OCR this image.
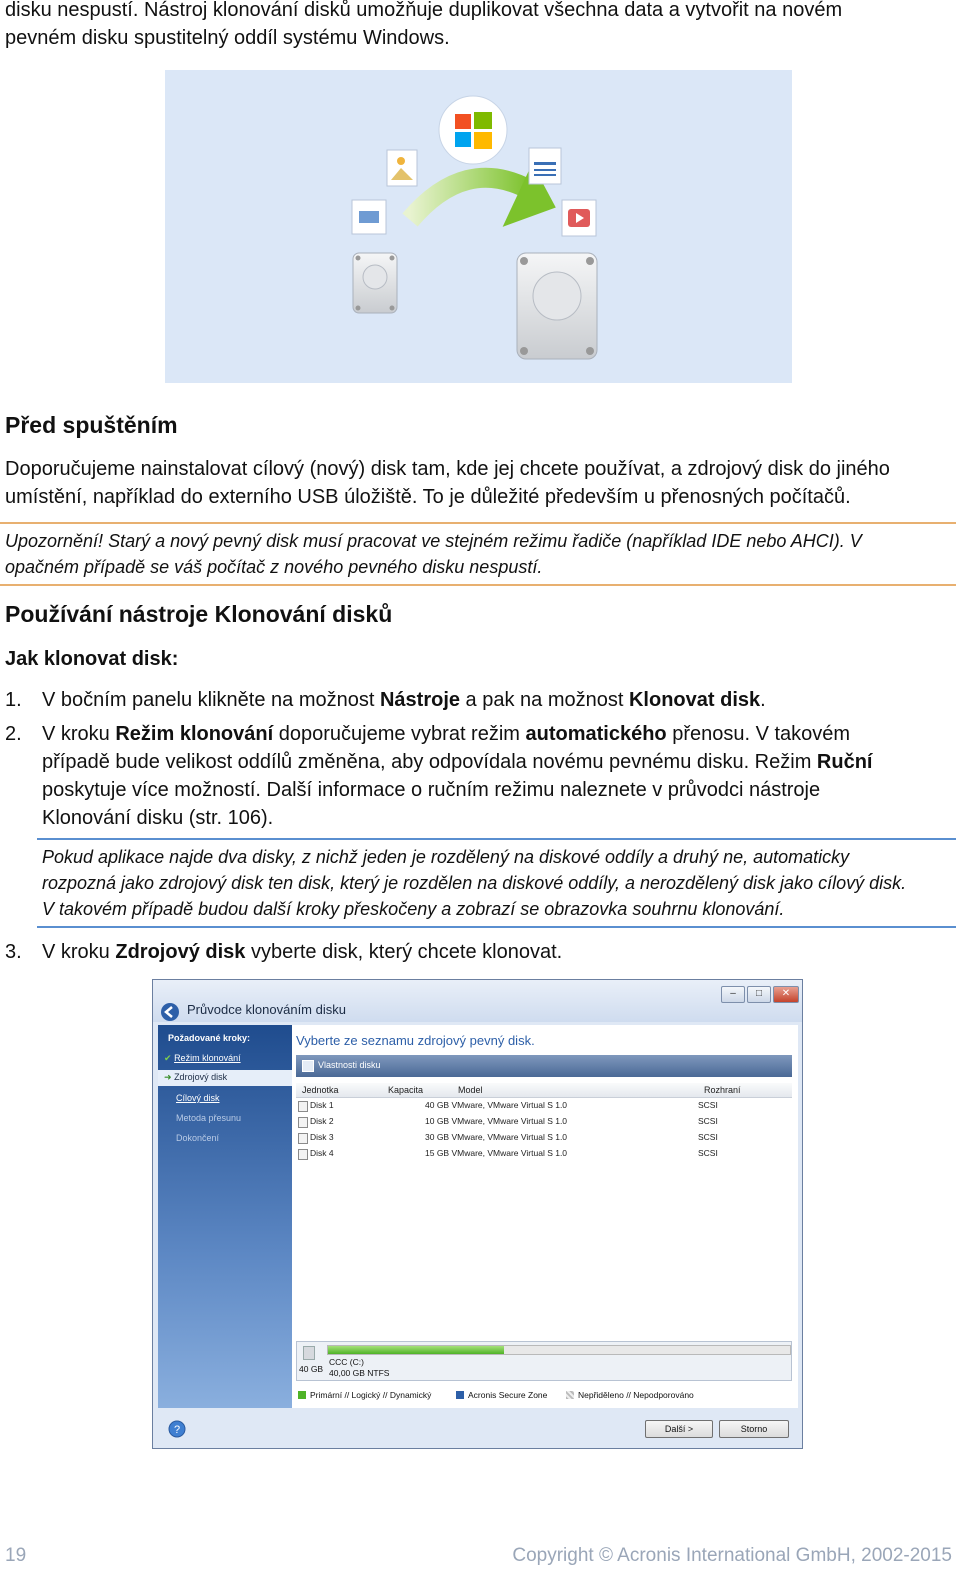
disku nespustí. Nástroj klonování disků umožňuje duplikovat všechna data a vytvořit na novém
pevném disku spustitelný oddíl systému Windows.
Před spuštěním
Doporučujeme nainstalovat cílový (nový) disk tam, kde jej chcete používat, a zdrojový disk do jiného
umístění, například do externího USB úložiště. To je důležité především u přenosných počítačů.
Upozornění! Starý a nový pevný disk musí pracovat ve stejném režimu řadiče (například IDE nebo AHCI). V
opačném případě se váš počítač z nového pevného disku nespustí.
Používání nástroje Klonování disků
Jak klonovat disk:
1. V bočním panelu klikněte na možnost Nástroje a pak na možnost Klonovat disk.
2. V kroku Režim klonování doporučujeme vybrat režim automatického přenosu. V takovém
případě bude velikost oddílů změněna, aby odpovídala novému pevnému disku. Režim Ruční
poskytuje více možností. Další informace o ručním režimu naleznete v průvodci nástroje
Klonování disku (str. 106).
Pokud aplikace najde dva disky, z nichž jeden je rozdělený na diskové oddíly a druhý ne, automaticky
rozpozná jako zdrojový disk ten disk, který je rozdělen na diskové oddíly, a nerozdělený disk jako cílový disk.
V takovém případě budou další kroky přeskočeny a zobrazí se obrazovka souhrnu klonování.
3. V kroku Zdrojový disk vyberte disk, který chcete klonovat.
Průvodce klonováním disku
–	□	✕
Požadované kroky:
✔ Režim klonování
➜ Zdrojový disk
Cílový disk
Metoda přesunu
Dokončení
Vyberte ze seznamu zdrojový pevný disk.
Vlastnosti disku
Jednotka	Kapacita	Model	Rozhraní
Disk 1	40 GB VMware, VMware Virtual S 1.0	SCSI
Disk 2	10 GB VMware, VMware Virtual S 1.0	SCSI
Disk 3	30 GB VMware, VMware Virtual S 1.0	SCSI
Disk 4	15 GB VMware, VMware Virtual S 1.0	SCSI
40 GB
CCC (C:)
40,00 GB NTFS
Primární // Logický // Dynamický	Acronis Secure Zone	Nepřiděleno // Nepodporováno
?	Další >	Storno
19	Copyright © Acronis International GmbH, 2002-2015
